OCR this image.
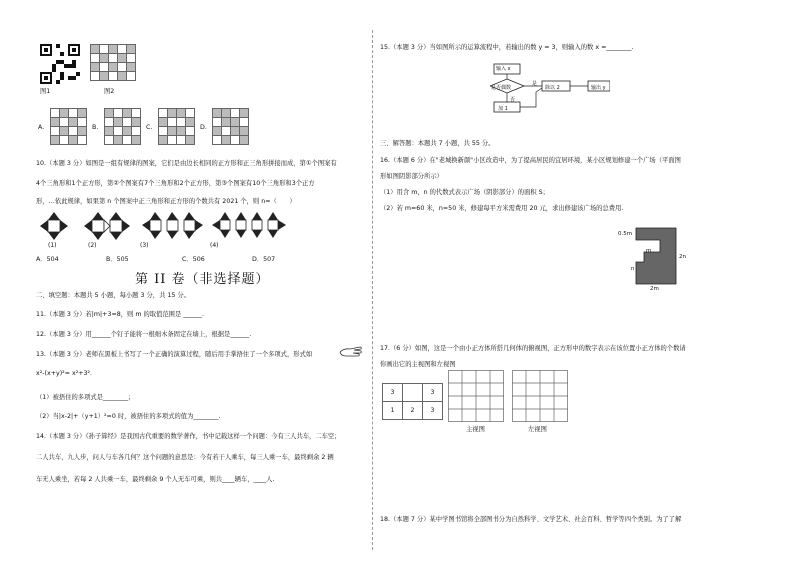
图1

					图2
A.

				B.

				C.

				D.

10.（本题 3 分）如图是一组有规律的图案，它们是由边长相同的正方形和正三角形拼接而成，第①个图案有
4个三角形和1个正方形，第②个图案有7个三角形和2个正方形，第③个图案有10个三角形和3个正方
形，…依此规律，如果第 n 个图案中正三角形和正方形的个数共有 2021 个，则 n=（　　）
(1)	(2)	(3)	(4)
A．504	B．505	C．506	D．507
第 II 卷（非选择题）
二、填空题：本题共 5 小题，每小题 3 分，共 15 分。
11.（本题 3 分）若|m|+3=8，则 m 的取值范围是 ______.
12.（本题 3 分）用______个钉子能将一根细木条固定在墙上，根据是______.
13.（本题 3 分）老师在黑板上书写了一个正确的演算过程，随后用手掌捂住了一个多项式，形式如
x²-(x+y)²= x²+3².
（1）被捂住的多项式是________；
（2）当|x-2|+（y+1）²=0 时，被捂住的多项式的值为________.
14.（本题 3 分）《孙子算经》是我国古代重要的数学著作，书中记载这样一个问题：今有三人共车，二车空；
二人共车，九人步，问人与车各几何？这个问题的意思是：今有若干人乘车，每三人乘一车，最终剩余 2 辆
车无人乘坐，若每 2 人共乘一车，最终剩余 9 个人无车可乘，则共____辆车，____人.
15.（本题 3 分）当如图所示的运算流程中，若输出的数 y = 3，则输入的数 x =________.
输入 x
是否偶数
是
否
除以 2
加 1
输出 y
三、解答题：本题共 7 小题，共 55 分。
16.（本题 6 分）在"老城换新颜"小区改造中，为了提高居民的宜居环境，某小区规划修建一个广场（平面图
形如图阴影部分所示）
（1）用含 m，n 的代数式表示广场（阴影部分）的面积 S；
（2）若 m=60 米，n=50 米，修建每平方米需费用 20 元，求出修建该广场的总费用.
0.5m
m
n
2n
2m
17.（6 分）如图，这是一个由小正方体所搭几何体的俯视图，正方形中的数字表示在该位置小正方体的个数请
你画出它的主视图和左视图
3		3
1	2	3
主视图	左视图
18.（本题 7 分）某中学图书馆将全部图书分为自然科学、文学艺术、社会百科、哲学等四个类别。为了了解
